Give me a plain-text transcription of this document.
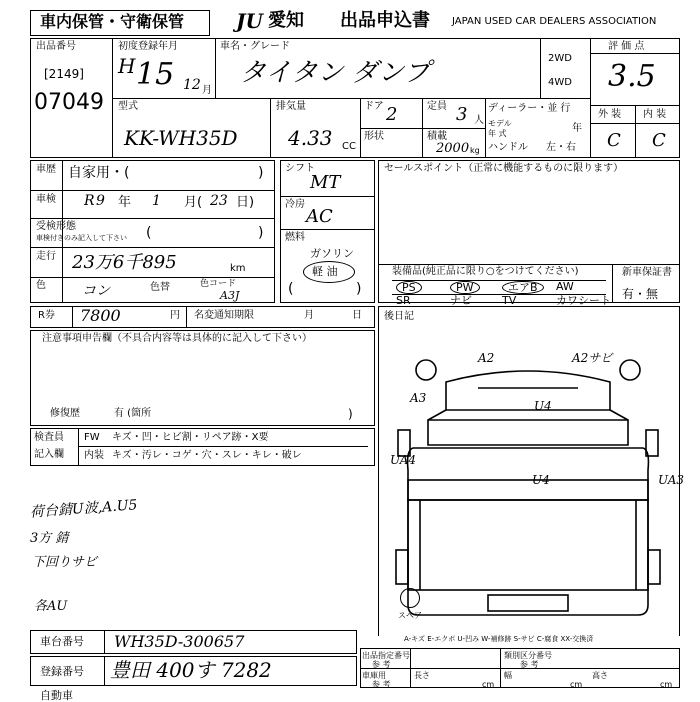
車内保管・守衛保管	JU 愛知 出品申込書 JAPAN USED CAR DEALERS ASSOCIATION
出品番号
[2149]
07049
初度登録年月
H 15 12 月
車名・グレード
タイタン ダンプ	2WD
4WD
評 価 点
3.5
型式
KK-WH35D
排気量
4.33 CC
ドア 2	定員 3 人
形状	積載
2000 kg
ディーラー・並 行
モデル
年 式	年
ハンドル 左・右
外 装 内 装
C C
車歴 自家用・(	)
車検 R 9 年 1 月( 23 日)
受検形態
車検付きのみ記入して下さい (	)
走行 23万6千895	km
色	コン	色替	色コード
A3J
シフト
MT
冷房
AC
燃料
ガソリン
軽 油
(	)
セールスポイント（正常に機能するものに限ります）
装備品(純正品に限り○をつけてください)
PS	PW	エアB	AW
SR	ナビ	TV	カワシート
新車保証書
有・無
R券 7800	円 名変通知期限	月	日 後日記
注意事項申告欄（不具合内容等は具体的に記入して下さい）
修復歴	有 (箇所	)
検査員
記入欄
FW キズ・凹・ヒビ割・リペア跡・X要
内装 キズ・汚レ・コゲ・穴・スレ・キレ・破レ
荷台錆U波,A.U5
3方 錆
下回りサビ
各AU
A2	A2サビ
A3
U4
UA4
U4	UA3
スペア
A-キズ E-エクボ U-凹み W-補修跡 S-サビ C-腐食 XX-交換済
車台番号 WH35D-300657
登録番号 豊田 400す 7282
自動車
出品指定番号
参 考
類別区分番号
参 考
車庫用
参 考
長さ
cm
幅
cm
高さ
cm
